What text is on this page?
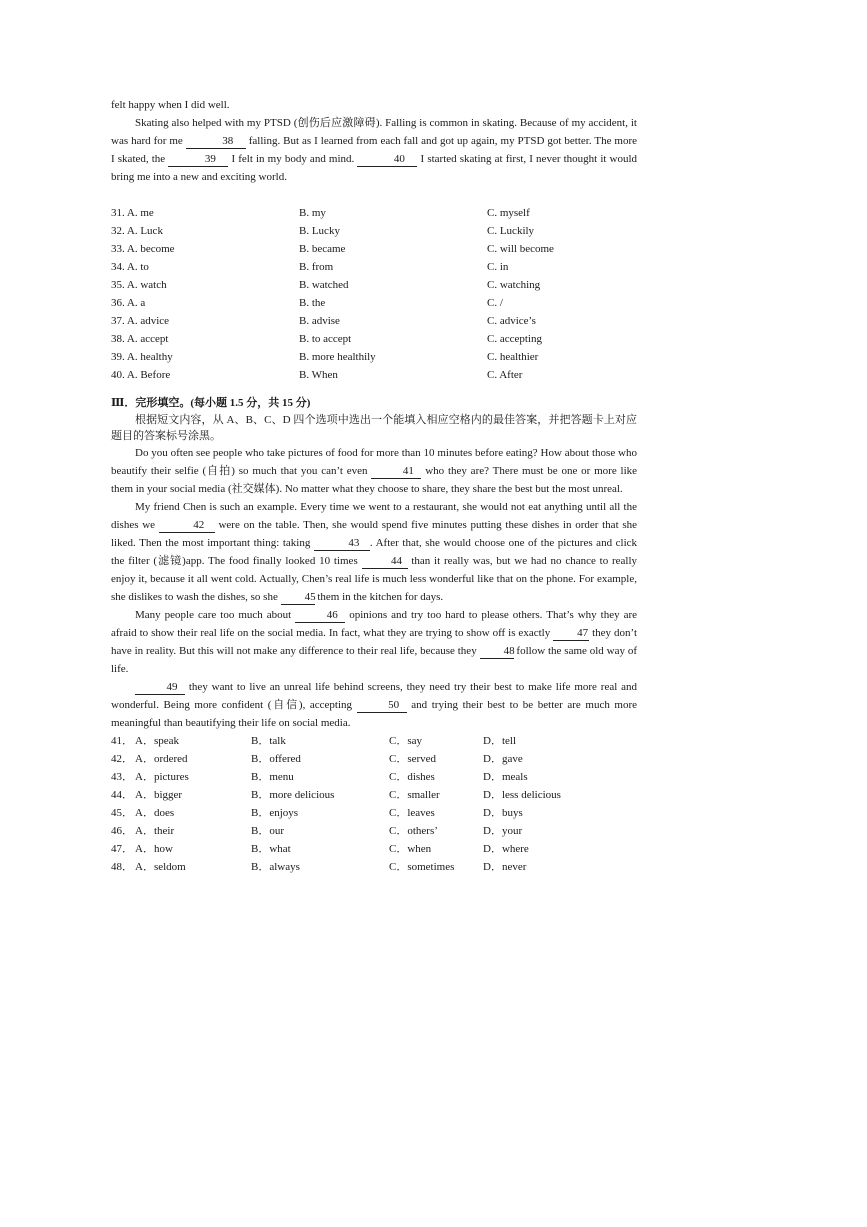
felt happy when I did well.

Skating also helped with my PTSD (创伤后应激障碍). Falling is common in skating. Because of my accident, it was hard for me	38 falling. But as I learned from each fall and got up again, my PTSD got better. The more I skated, the	39 I felt in my body and mind.	40 I started skating at first, I never thought it would bring me into a new and exciting world.

31. A. me	B. my	C. myself
32. A. Luck	B. Lucky	C. Luckily
33. A. become	B. became	C. will become
34. A. to	B. from	C. in
35. A. watch	B. watched	C. watching
36. A. a	B. the	C. /
37. A. advice	B. advise	C. advice’s
38. A. accept	B. to accept	C. accepting
39. A. healthy	B. more healthily	C. healthier
40. A. Before	B. When	C. After
Ⅲ．完形填空。(每小题 1.5 分，共 15 分)

根据短文内容，从 A、B、C、D 四个选项中选出一个能填入相应空格内的最佳答案，并把答题卡上对应题目的答案标号涂黑。

Do you often see people who take pictures of food for more than 10 minutes before eating? How about those who beautify their selfie (自拍) so much that you can’t even	41 who they are? There must be one or more like them in your social media (社交媒体). No matter what they choose to share, they share the best but the most unreal.

My friend Chen is such an example. Every time we went to a restaurant, she would not eat anything until all the dishes we	42 were on the table. Then, she would spend five minutes putting these dishes in order that she liked. Then the most important thing: taking	43 . After that, she would choose one of the pictures and click the filter (滤镜)app. The food finally looked 10 times	44 than it really was, but we had no chance to really enjoy it, because it all went cold. Actually, Chen’s real life is much less wonderful like that on the phone. For example, she dislikes to wash the dishes, so she 45 them in the kitchen for days.

Many people care too much about	46 opinions and try too hard to please others. That’s why they are afraid to show their real life on the social media. In fact, what they are trying to show off is exactly 47 they don’t have in reality. But this will not make any difference to their real life, because they 48 follow the same old way of life.

49 they want to live an unreal life behind screens, they need try their best to make life more real and wonderful. Being more confident (自信), accepting	50 and trying their best to be better are much more meaningful than beautifying their life on social media.

41． A．speak	B．talk	C．say	D．tell
42． A．ordered	B．offered	C．served	D．gave
43． A．pictures	B．menu	C．dishes	D．meals
44． A．bigger	B．more delicious	C．smaller	D．less delicious
45． A．does	B．enjoys	C．leaves	D．buys
46． A．their	B．our	C．others’	D．your
47． A．how	B．what	C．when	D．where
48． A．seldom	B．always	C．sometimes	D．never
